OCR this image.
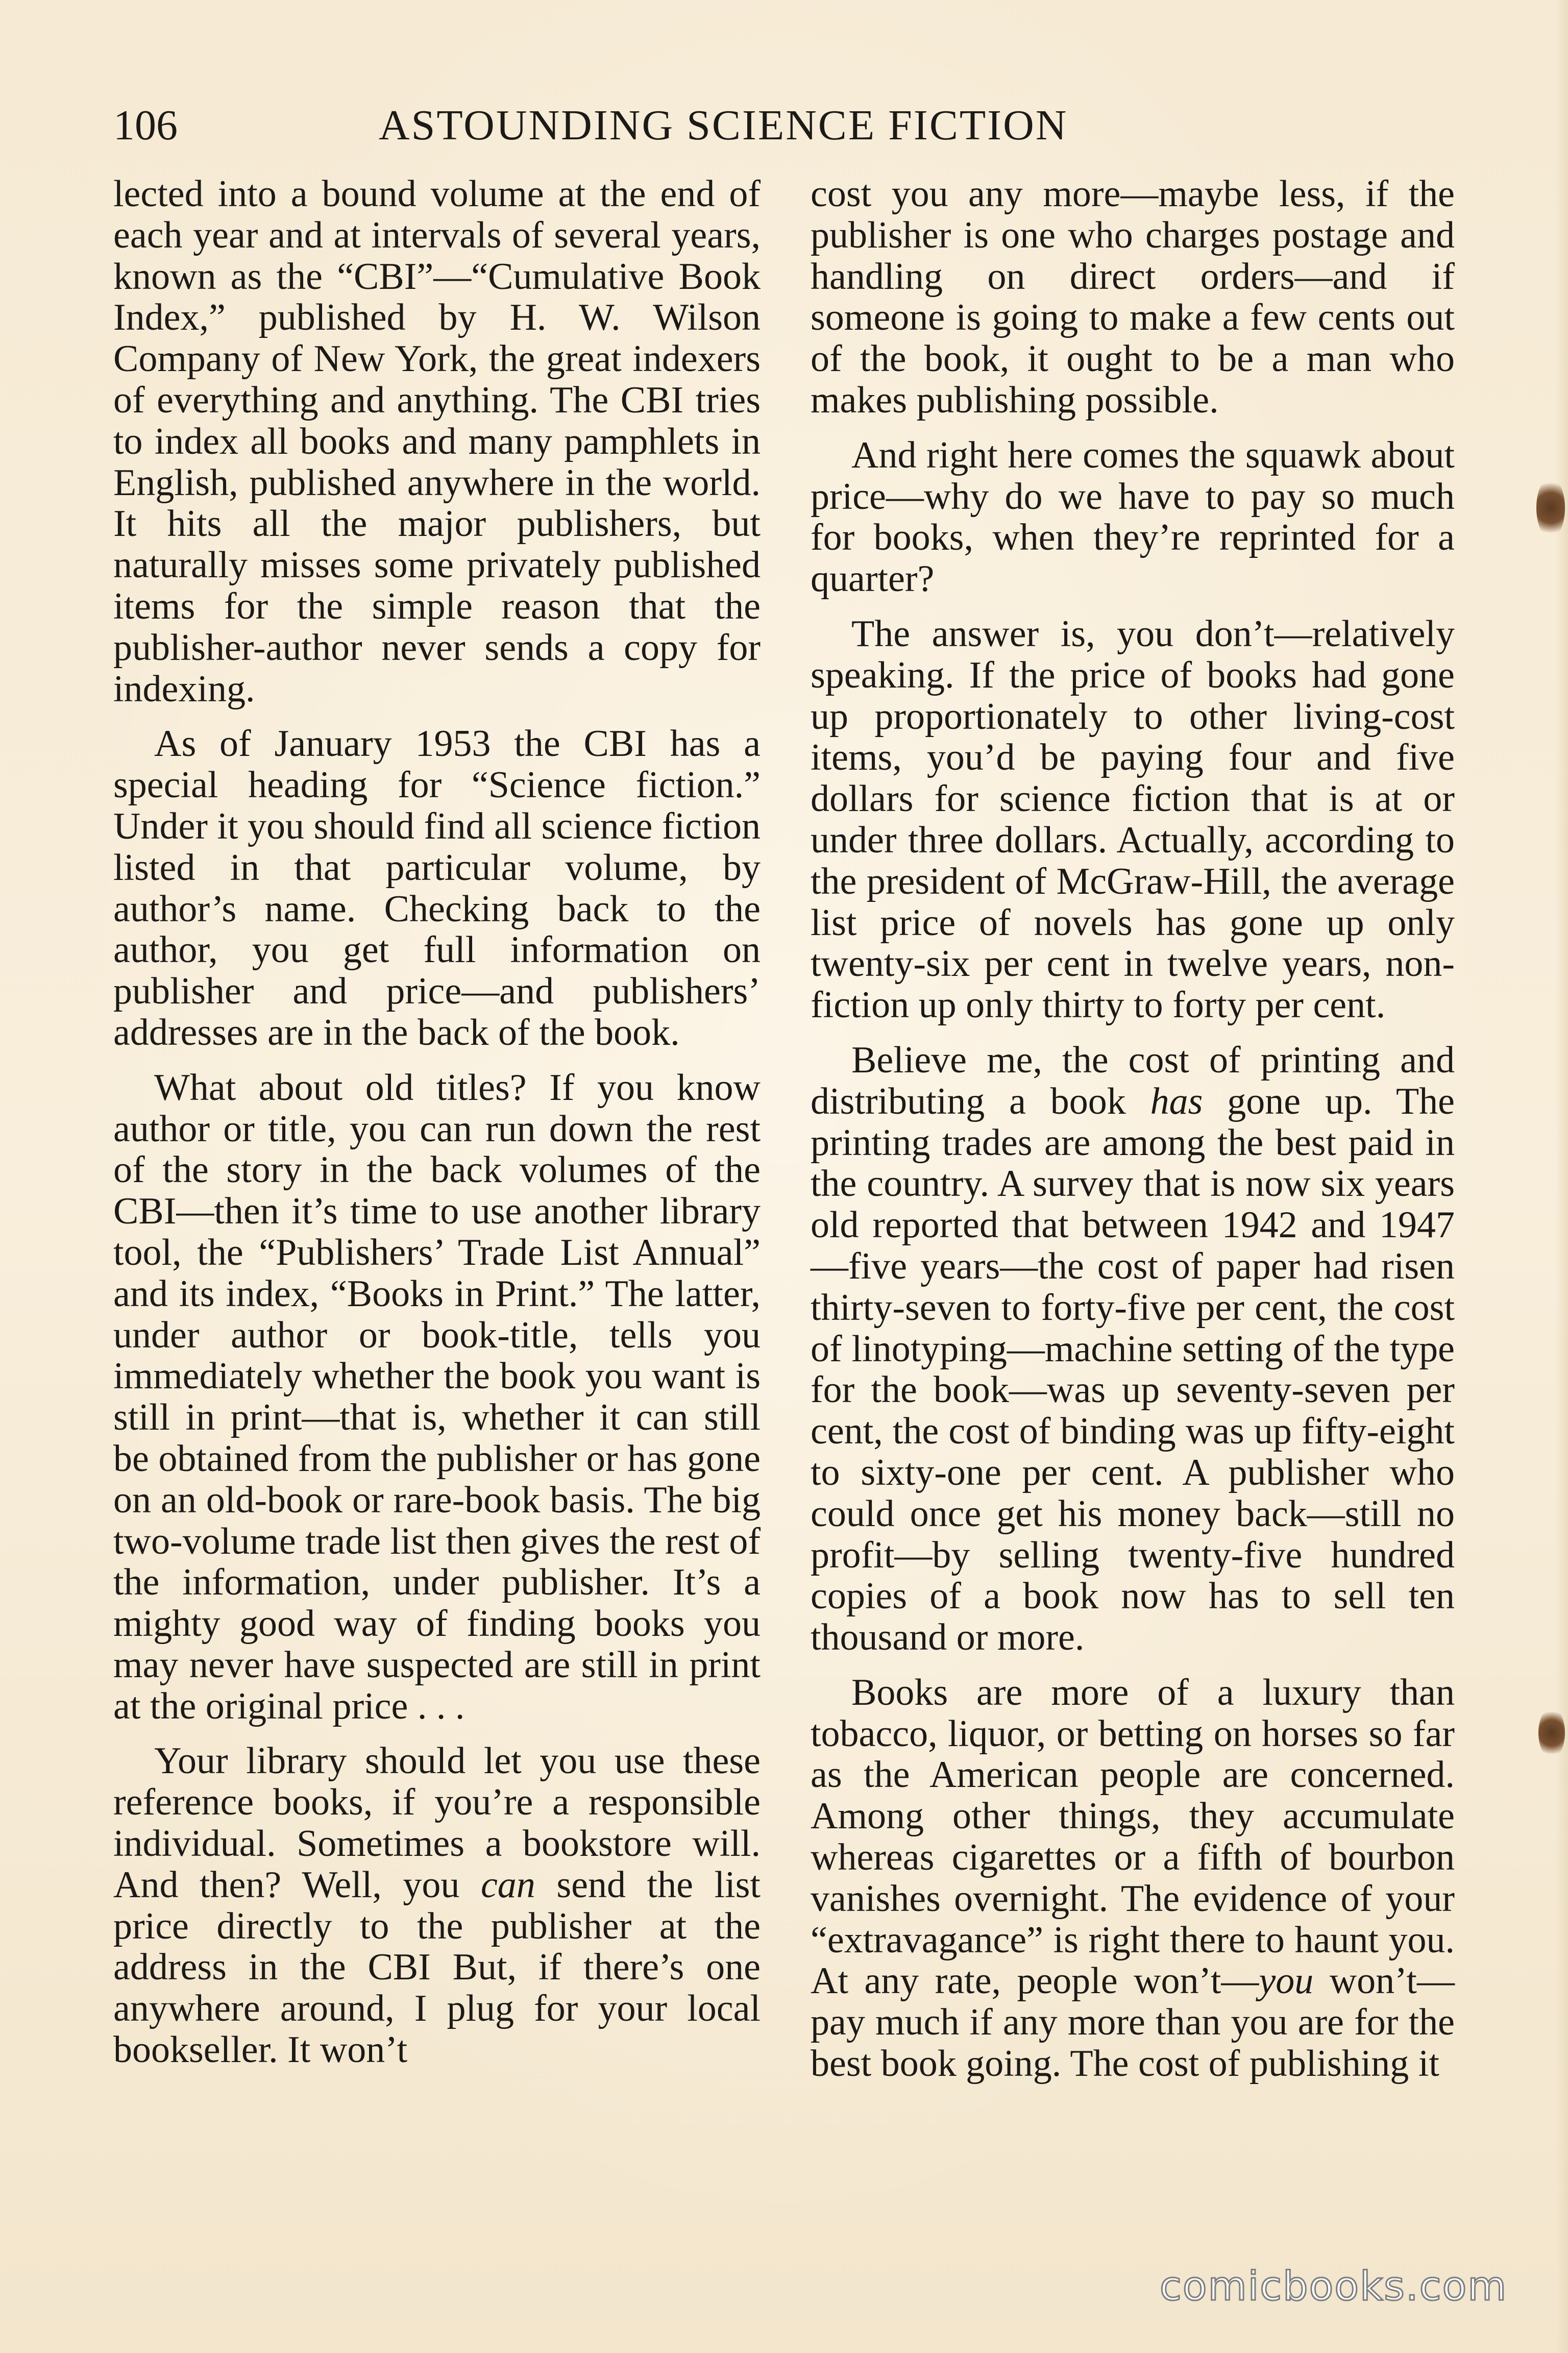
106	ASTOUNDING SCIENCE FICTION

lected into a bound volume at the end of each year and at intervals of several years, known as the “CBI”—“Cumulative Book Index,” published by H. W. Wilson Company of New York, the great indexers of everything and anything. The CBI tries to index all books and many pamphlets in English, published anywhere in the world. It hits all the major publishers, but naturally misses some privately published items for the simple reason that the publisher-author never sends a copy for indexing.

As of January 1953 the CBI has a special heading for “Science fiction.” Under it you should find all science fiction listed in that particular volume, by author’s name. Checking back to the author, you get full information on publisher and price—and publishers’ addresses are in the back of the book.

What about old titles? If you know author or title, you can run down the rest of the story in the back volumes of the CBI—then it’s time to use another library tool, the “Publishers’ Trade List Annual” and its index, “Books in Print.” The latter, under author or book-title, tells you immediately whether the book you want is still in print—that is, whether it can still be obtained from the publisher or has gone on an old-book or rare-book basis. The big two-volume trade list then gives the rest of the information, under publisher. It’s a mighty good way of finding books you may never have suspected are still in print at the original price . . .

Your library should let you use these reference books, if you’re a responsible individual. Sometimes a bookstore will. And then? Well, you can send the list price directly to the publisher at the address in the CBI But, if there’s one anywhere around, I plug for your local bookseller. It won’t

cost you any more—maybe less, if the publisher is one who charges postage and handling on direct orders—and if someone is going to make a few cents out of the book, it ought to be a man who makes publishing possible.

And right here comes the squawk about price—why do we have to pay so much for books, when they’re reprinted for a quarter?

The answer is, you don’t—relatively speaking. If the price of books had gone up proportionately to other living-cost items, you’d be paying four and five dollars for science fiction that is at or under three dollars. Actually, according to the president of McGraw-Hill, the average list price of novels has gone up only twenty-six per cent in twelve years, non-fiction up only thirty to forty per cent.

Believe me, the cost of printing and distributing a book has gone up. The printing trades are among the best paid in the country. A survey that is now six years old reported that between 1942 and 1947—five years—the cost of paper had risen thirty-seven to forty-five per cent, the cost of linotyping—machine setting of the type for the book—was up seventy-seven per cent, the cost of binding was up fifty-eight to sixty-one per cent. A publisher who could once get his money back—still no profit—by selling twenty-five hundred copies of a book now has to sell ten thousand or more.

Books are more of a luxury than tobacco, liquor, or betting on horses so far as the American people are concerned. Among other things, they accumulate whereas cigarettes or a fifth of bourbon vanishes overnight. The evidence of your “extravagance” is right there to haunt you. At any rate, people won’t—you won’t—pay much if any more than you are for the best book going. The cost of publishing it

comicbooks.com
